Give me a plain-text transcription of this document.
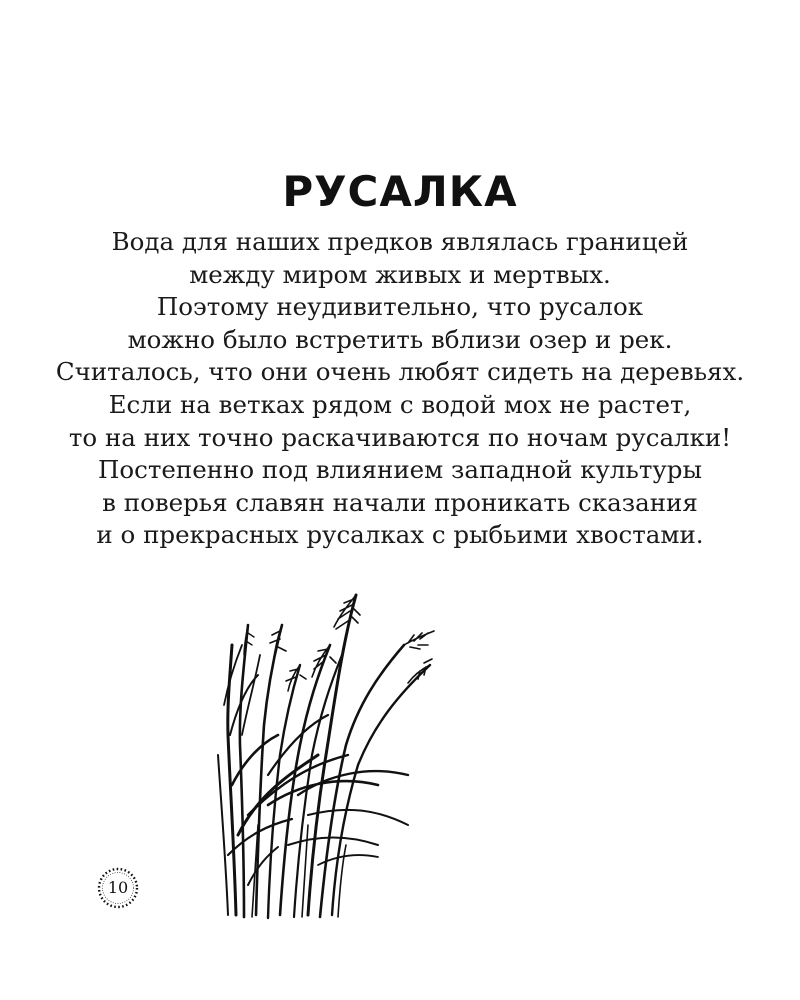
РУСАЛКА
Вода для наших предков являлась границей
между миром живых и мертвых.
Поэтому неудивительно, что русалок
можно было встретить вблизи озер и рек.
Считалось, что они очень любят сидеть на деревьях.
Если на ветках рядом с водой мох не растет,
то на них точно раскачиваются по ночам русалки!
Постепенно под влиянием западной культуры
в поверья славян начали проникать сказания
и о прекрасных русалках с рыбьими хвостами.
10
